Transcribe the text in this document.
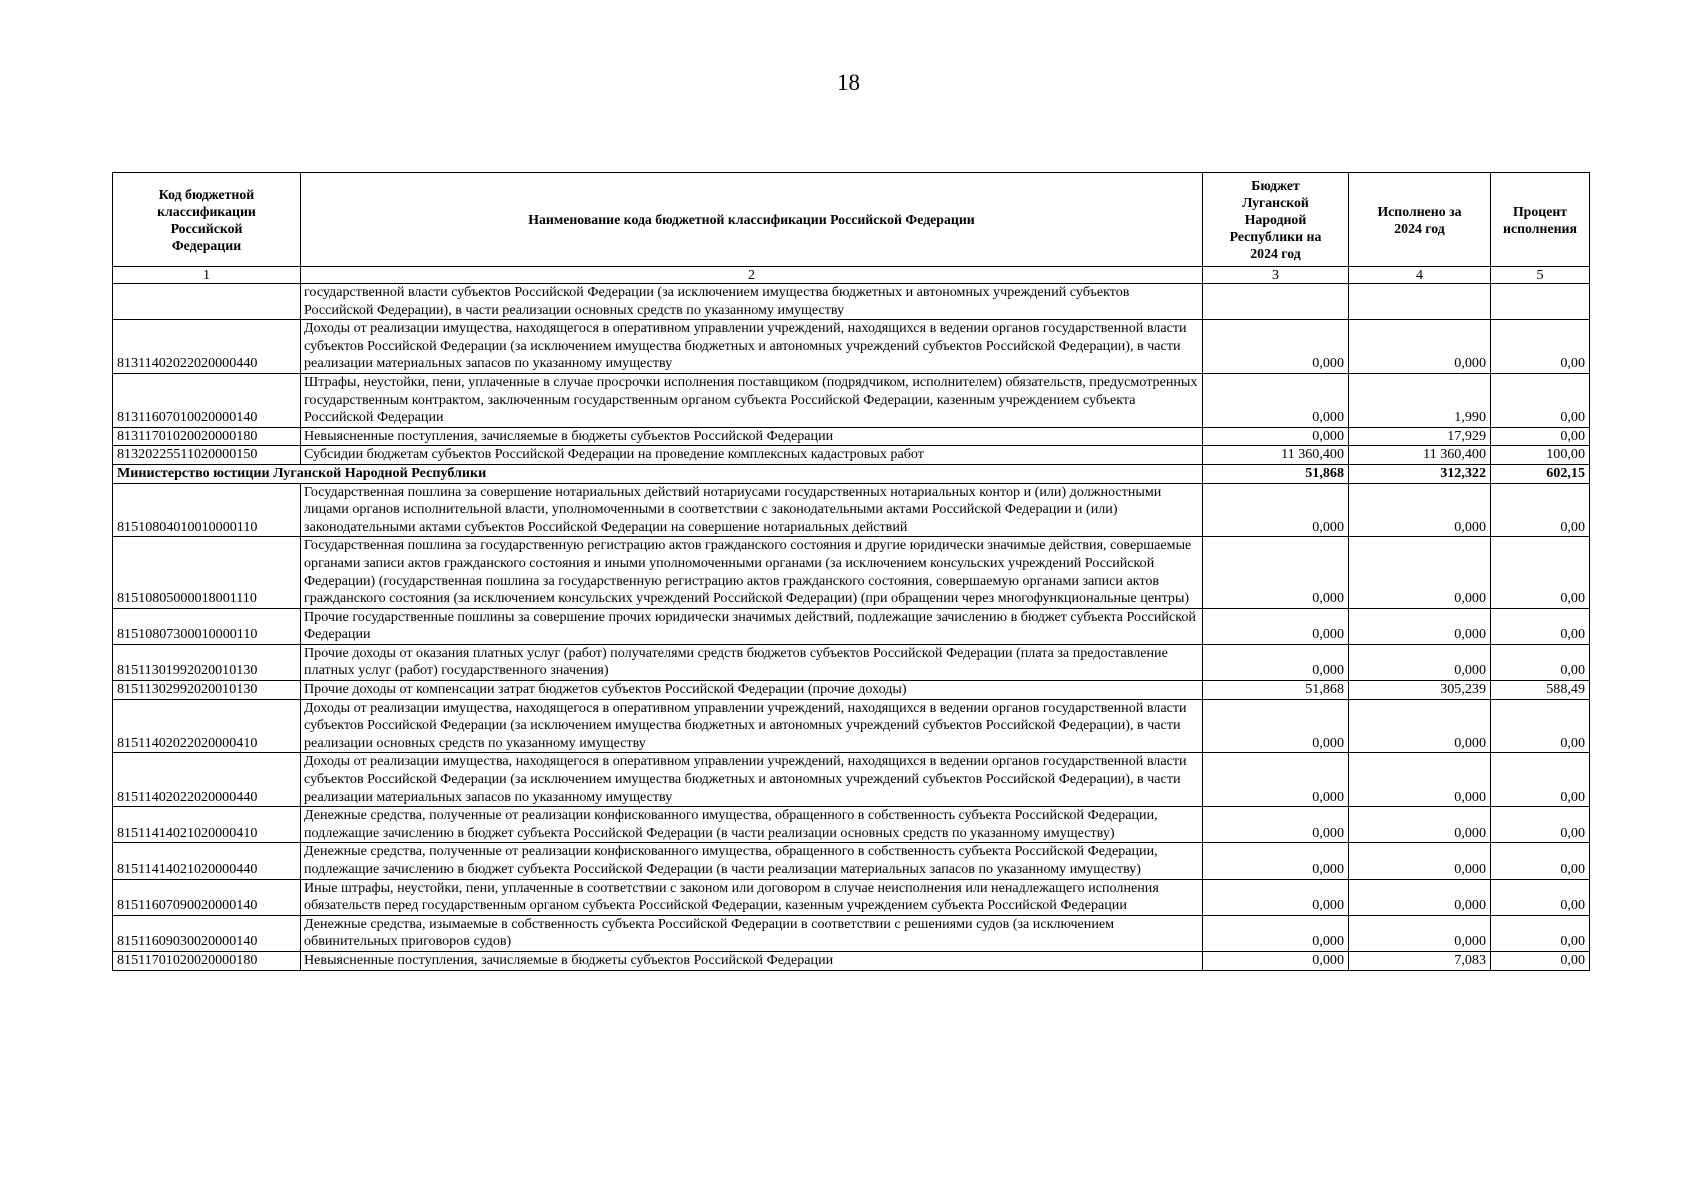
18
Код бюджетной классификации Российской Федерации	Наименование кода бюджетной классификации Российской Федерации	Бюджет Луганской Народной Республики на 2024 год	Исполнено за 2024 год	Процент исполнения
1	2	3	4	5
	государственной власти субъектов Российской Федерации (за исключением имущества бюджетных и автономных учреждений субъектов Российской Федерации), в части реализации основных средств по указанному имуществу			
81311402022020000440	Доходы от реализации имущества, находящегося в оперативном управлении учреждений, находящихся в ведении органов государственной власти субъектов Российской Федерации (за исключением имущества бюджетных и автономных учреждений субъектов Российской Федерации), в части реализации материальных запасов по указанному имуществу	0,000	0,000	0,00
81311607010020000140	Штрафы, неустойки, пени, уплаченные в случае просрочки исполнения поставщиком (подрядчиком, исполнителем) обязательств, предусмотренных государственным контрактом, заключенным государственным органом субъекта Российской Федерации, казенным учреждением субъекта Российской Федерации	0,000	1,990	0,00
81311701020020000180	Невыясненные поступления, зачисляемые в бюджеты субъектов Российской Федерации	0,000	17,929	0,00
81320225511020000150	Субсидии бюджетам субъектов Российской Федерации на проведение комплексных кадастровых работ	11 360,400	11 360,400	100,00
Министерство юстиции Луганской Народной Республики		51,868	312,322	602,15
81510804010010000110	Государственная пошлина за совершение нотариальных действий нотариусами государственных нотариальных контор и (или) должностными лицами органов исполнительной власти, уполномоченными в соответствии с законодательными актами Российской Федерации и (или) законодательными актами субъектов Российской Федерации на совершение нотариальных действий	0,000	0,000	0,00
81510805000018001110	Государственная пошлина за государственную регистрацию актов гражданского состояния и другие юридически значимые действия, совершаемые органами записи актов гражданского состояния и иными уполномоченными органами (за исключением консульских учреждений Российской Федерации) (государственная пошлина за государственную регистрацию актов гражданского состояния, совершаемую органами записи актов гражданского состояния (за исключением консульских учреждений Российской Федерации) (при обращении через многофункциональные центры)	0,000	0,000	0,00
81510807300010000110	Прочие государственные пошлины за совершение прочих юридически значимых действий, подлежащие зачислению в бюджет субъекта Российской Федерации	0,000	0,000	0,00
81511301992020010130	Прочие доходы от оказания платных услуг (работ) получателями средств бюджетов субъектов Российской Федерации (плата за предоставление платных услуг (работ) государственного значения)	0,000	0,000	0,00
81511302992020010130	Прочие доходы от компенсации затрат бюджетов субъектов Российской Федерации (прочие доходы)	51,868	305,239	588,49
81511402022020000410	Доходы от реализации имущества, находящегося в оперативном управлении учреждений, находящихся в ведении органов государственной власти субъектов Российской Федерации (за исключением имущества бюджетных и автономных учреждений субъектов Российской Федерации), в части реализации основных средств по указанному имуществу	0,000	0,000	0,00
81511402022020000440	Доходы от реализации имущества, находящегося в оперативном управлении учреждений, находящихся в ведении органов государственной власти субъектов Российской Федерации (за исключением имущества бюджетных и автономных учреждений субъектов Российской Федерации), в части реализации материальных запасов по указанному имуществу	0,000	0,000	0,00
81511414021020000410	Денежные средства, полученные от реализации конфискованного имущества, обращенного в собственность субъекта Российской Федерации, подлежащие зачислению в бюджет субъекта Российской Федерации (в части реализации основных средств по указанному имуществу)	0,000	0,000	0,00
81511414021020000440	Денежные средства, полученные от реализации конфискованного имущества, обращенного в собственность субъекта Российской Федерации, подлежащие зачислению в бюджет субъекта Российской Федерации (в части реализации материальных запасов по указанному имуществу)	0,000	0,000	0,00
81511607090020000140	Иные штрафы, неустойки, пени, уплаченные в соответствии с законом или договором в случае неисполнения или ненадлежащего исполнения обязательств перед государственным органом субъекта Российской Федерации, казенным учреждением субъекта Российской Федерации	0,000	0,000	0,00
81511609030020000140	Денежные средства, изымаемые в собственность субъекта Российской Федерации в соответствии с решениями судов (за исключением обвинительных приговоров судов)	0,000	0,000	0,00
81511701020020000180	Невыясненные поступления, зачисляемые в бюджеты субъектов Российской Федерации	0,000	7,083	0,00
